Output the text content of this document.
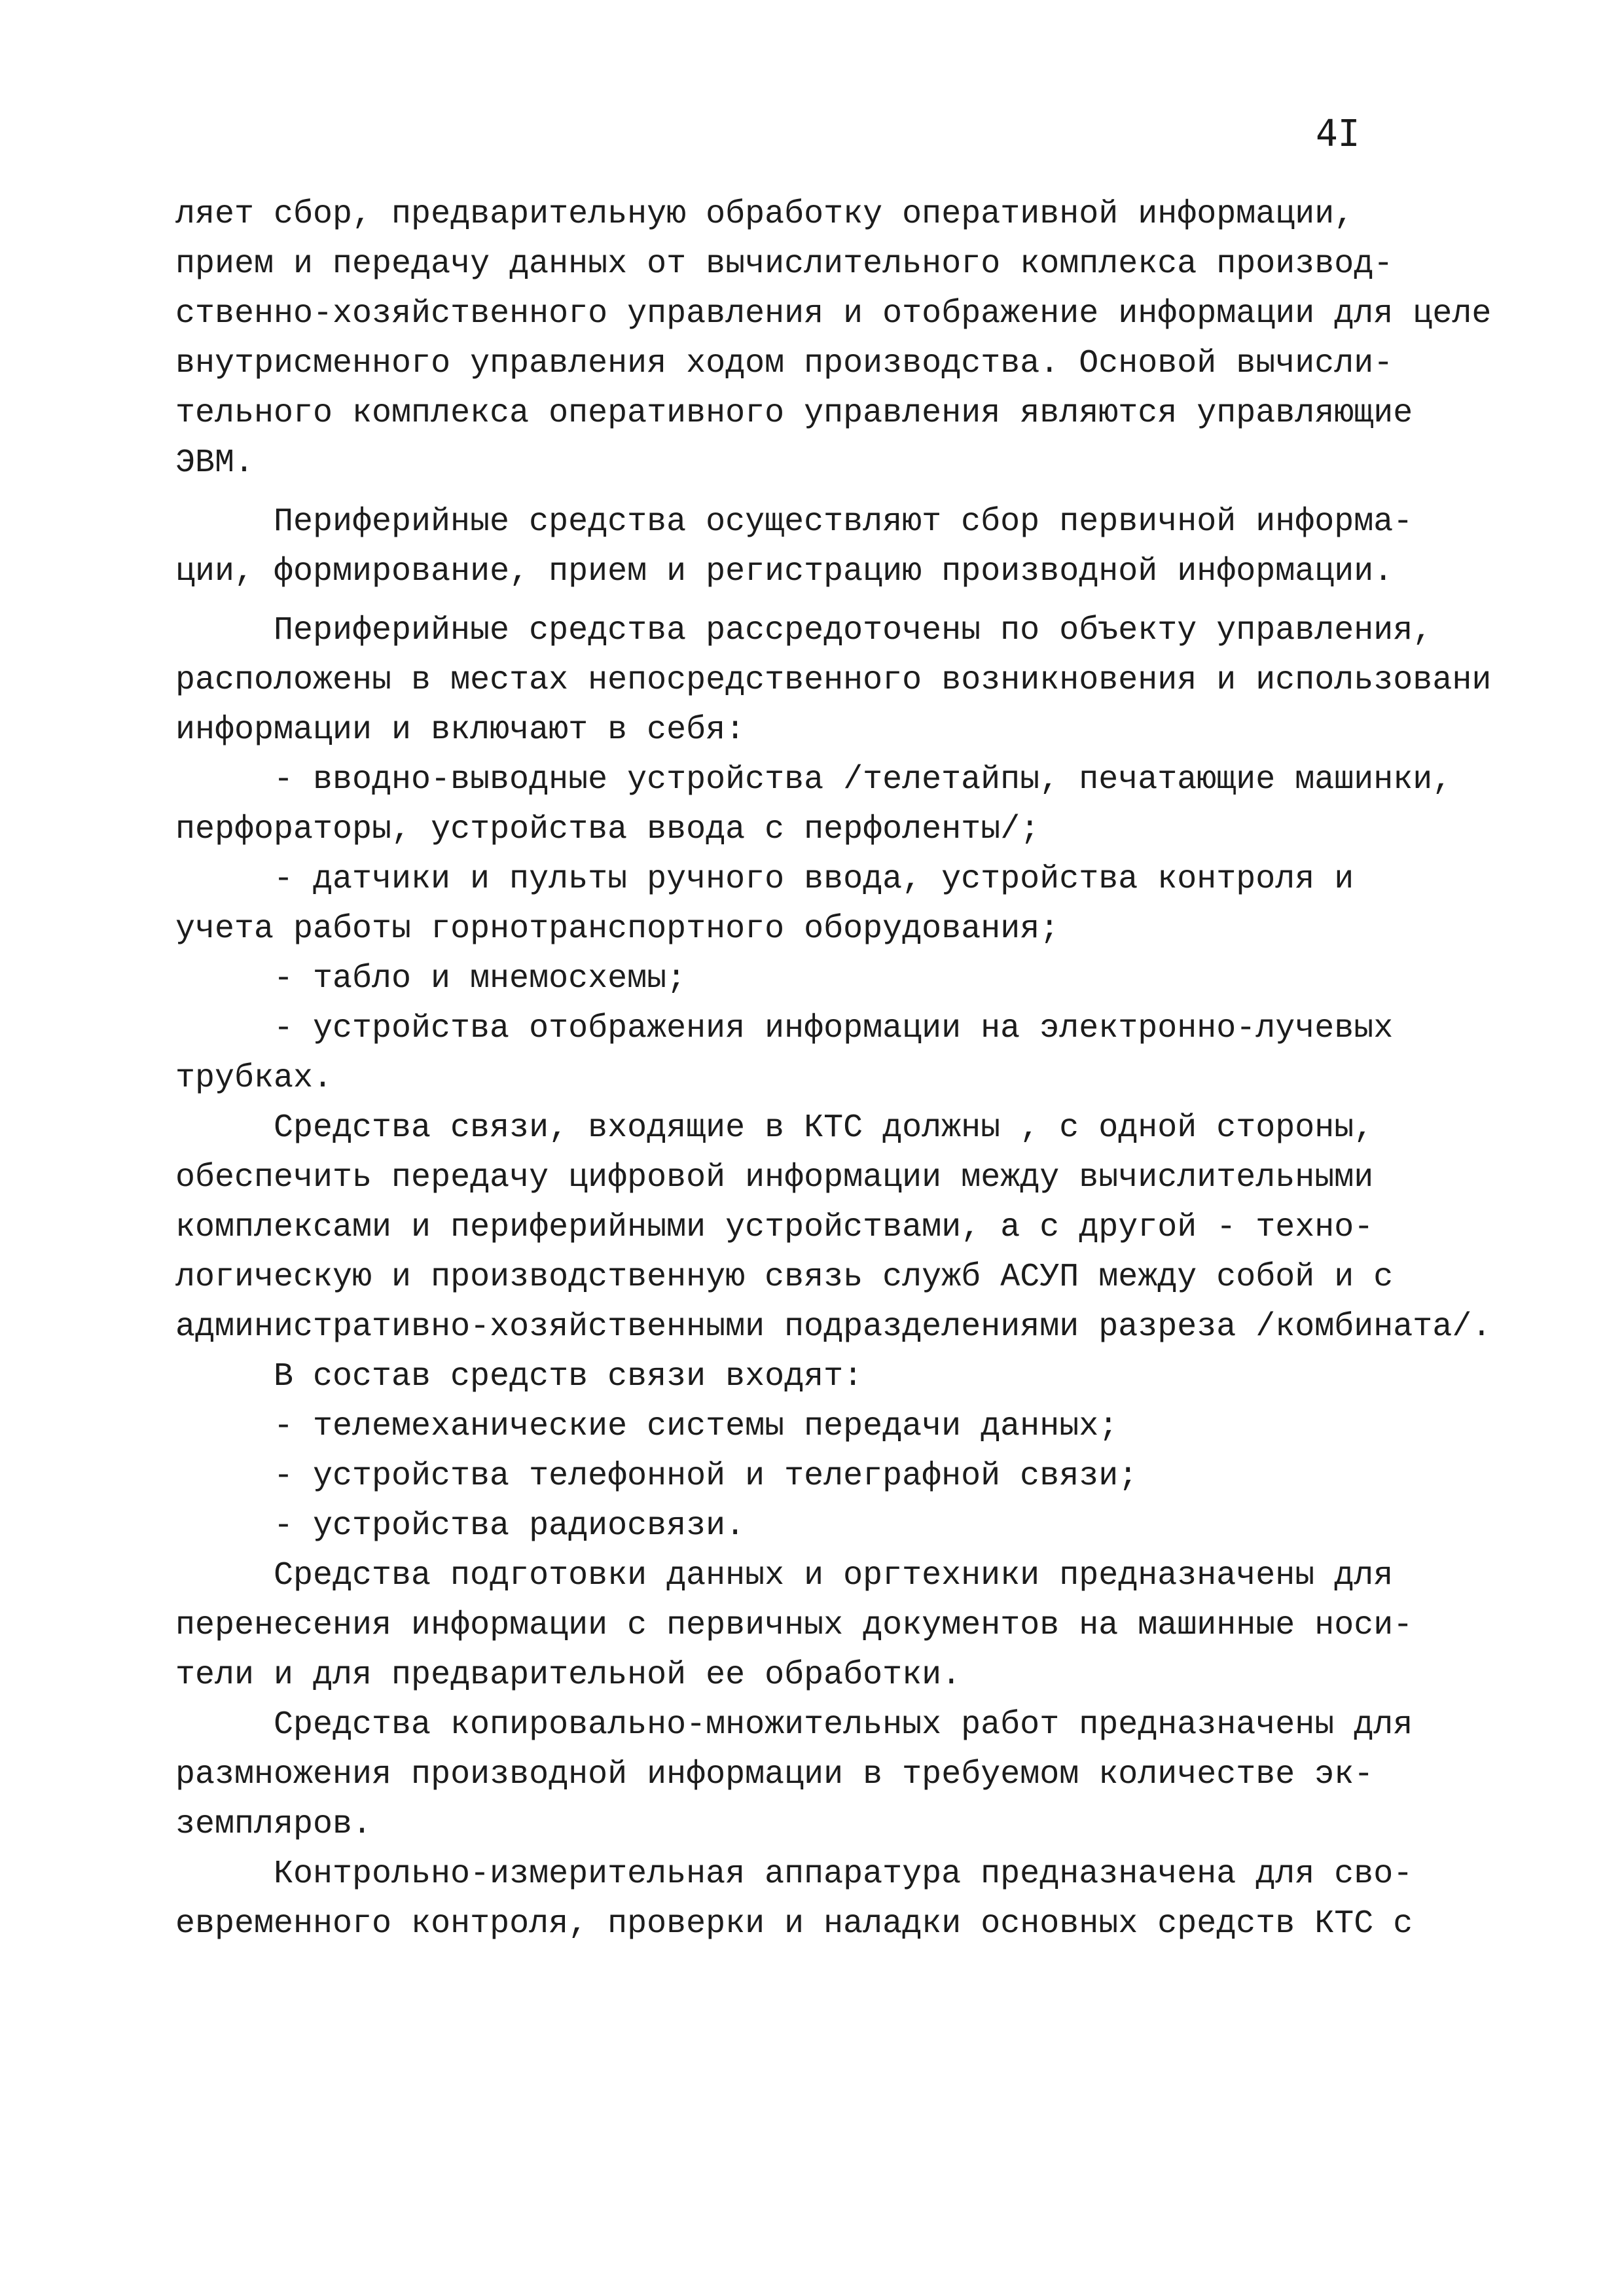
4I
ляет сбор, предварительную обработку оперативной информации,
прием и передачу данных от вычислительного комплекса производ-
ственно-хозяйственного управления и отображение информации для целе
внутрисменного управления ходом производства. Основой вычисли-
тельного комплекса оперативного управления являются управляющие
ЭВМ.
Периферийные средства осуществляют сбор первичной информа-
ции, формирование, прием и регистрацию производной информации.
Периферийные средства рассредоточены по объекту управления,
расположены в местах непосредственного возникновения и использовани
информации и включают в себя:
- вводно-выводные устройства /телетайпы, печатающие машинки,
перфораторы, устройства ввода с перфоленты/;
- датчики и пульты ручного ввода, устройства контроля и
учета работы горнотранспортного оборудования;
- табло и мнемосхемы;
- устройства отображения информации на электронно-лучевых
трубках.
Средства связи, входящие в КТС должны , с одной стороны,
обеспечить передачу цифровой информации между вычислительными
комплексами и периферийными устройствами, а с другой - техно-
логическую и производственную связь служб АСУП между собой и с
административно-хозяйственными подразделениями разреза /комбината/.
В состав средств связи входят:
- телемеханические системы передачи данных;
- устройства телефонной и телеграфной связи;
- устройства радиосвязи.
Средства подготовки данных и оргтехники предназначены для
перенесения информации с первичных документов на машинные носи-
тели и для предварительной ее обработки.
Средства копировально-множительных работ предназначены для
размножения производной информации в требуемом количестве эк-
земпляров.
Контрольно-измерительная аппаратура предназначена для сво-
евременного контроля, проверки и наладки основных средств КТС с
